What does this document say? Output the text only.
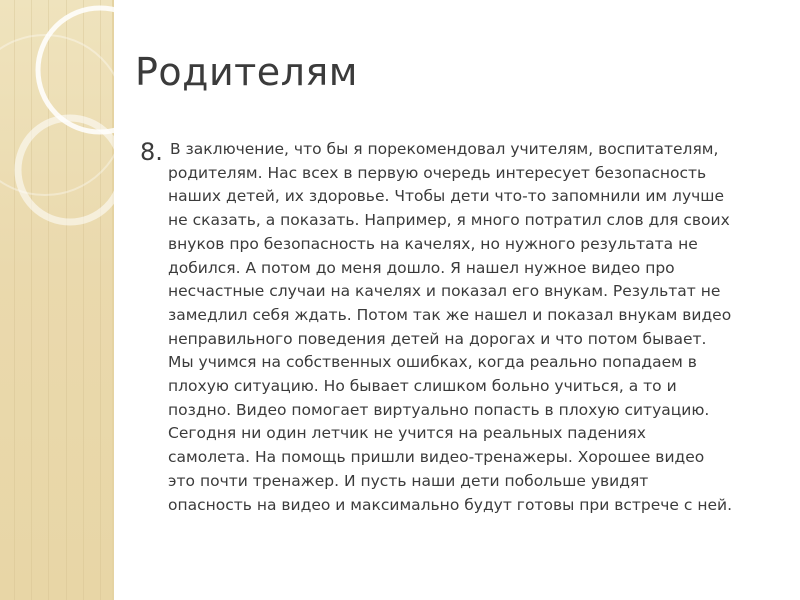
Родителям
8. В заключение, что бы я порекомендовал учителям, воспитателям,
родителям. Нас всех в первую очередь интересует безопасность
наших детей, их здоровье. Чтобы дети что-то запомнили им лучше
не сказать, а показать. Например, я много потратил слов для своих
внуков про безопасность на качелях, но нужного результата не
добился. А потом до меня дошло. Я нашел нужное видео про
несчастные случаи на качелях и показал его внукам. Результат не
замедлил себя ждать. Потом так же нашел и показал внукам видео
неправильного поведения детей на дорогах и что потом бывает.
Мы учимся на собственных ошибках, когда реально попадаем в
плохую ситуацию. Но бывает слишком больно учиться, а то и
поздно. Видео помогает виртуально попасть в плохую ситуацию.
Сегодня ни один летчик не учится на реальных падениях
самолета. На помощь пришли видео-тренажеры. Хорошее видео
это почти тренажер. И пусть наши дети побольше увидят
опасность на видео и максимально будут готовы при встрече с ней.
